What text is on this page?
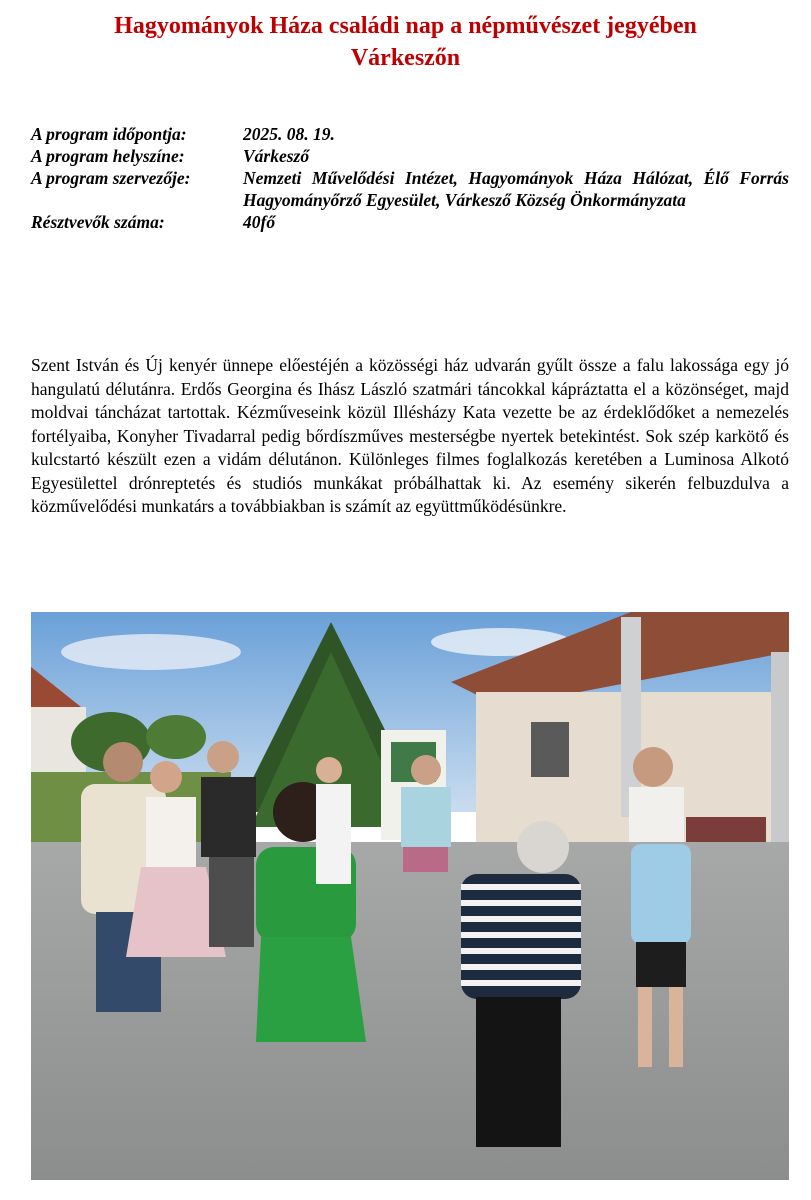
Hagyományok Háza családi nap a népművészet jegyében
Várkeszőn
A program időpontja:	2025. 08. 19.
A program helyszíne:	Várkesző
A program szervezője:	Nemzeti Művelődési Intézet, Hagyományok Háza Hálózat, Élő Forrás Hagyományőrző Egyesület, Várkesző Község Önkormányzata
Résztvevők száma:	40fő
Szent István és Új kenyér ünnepe előestéjén a közösségi ház udvarán gyűlt össze a falu lakossága egy jó hangulatú délutánra. Erdős Georgina és Ihász László szatmári táncokkal kápráztatta el a közönséget, majd moldvai táncházat tartottak. Kézműveseink közül Illésházy Kata vezette be az érdeklődőket a nemezelés fortélyaiba, Konyher Tivadarral pedig bőrdíszműves mesterségbe nyertek betekintést. Sok szép karkötő és kulcstartó készült ezen a vidám délutánon. Különleges filmes foglalkozás keretében a Luminosa Alkotó Egyesülettel drónreptetés és studiós munkákat próbálhattak ki. Az esemény sikerén felbuzdulva a közművelődési munkatárs a továbbiakban is számít az együttműködésünkre.
